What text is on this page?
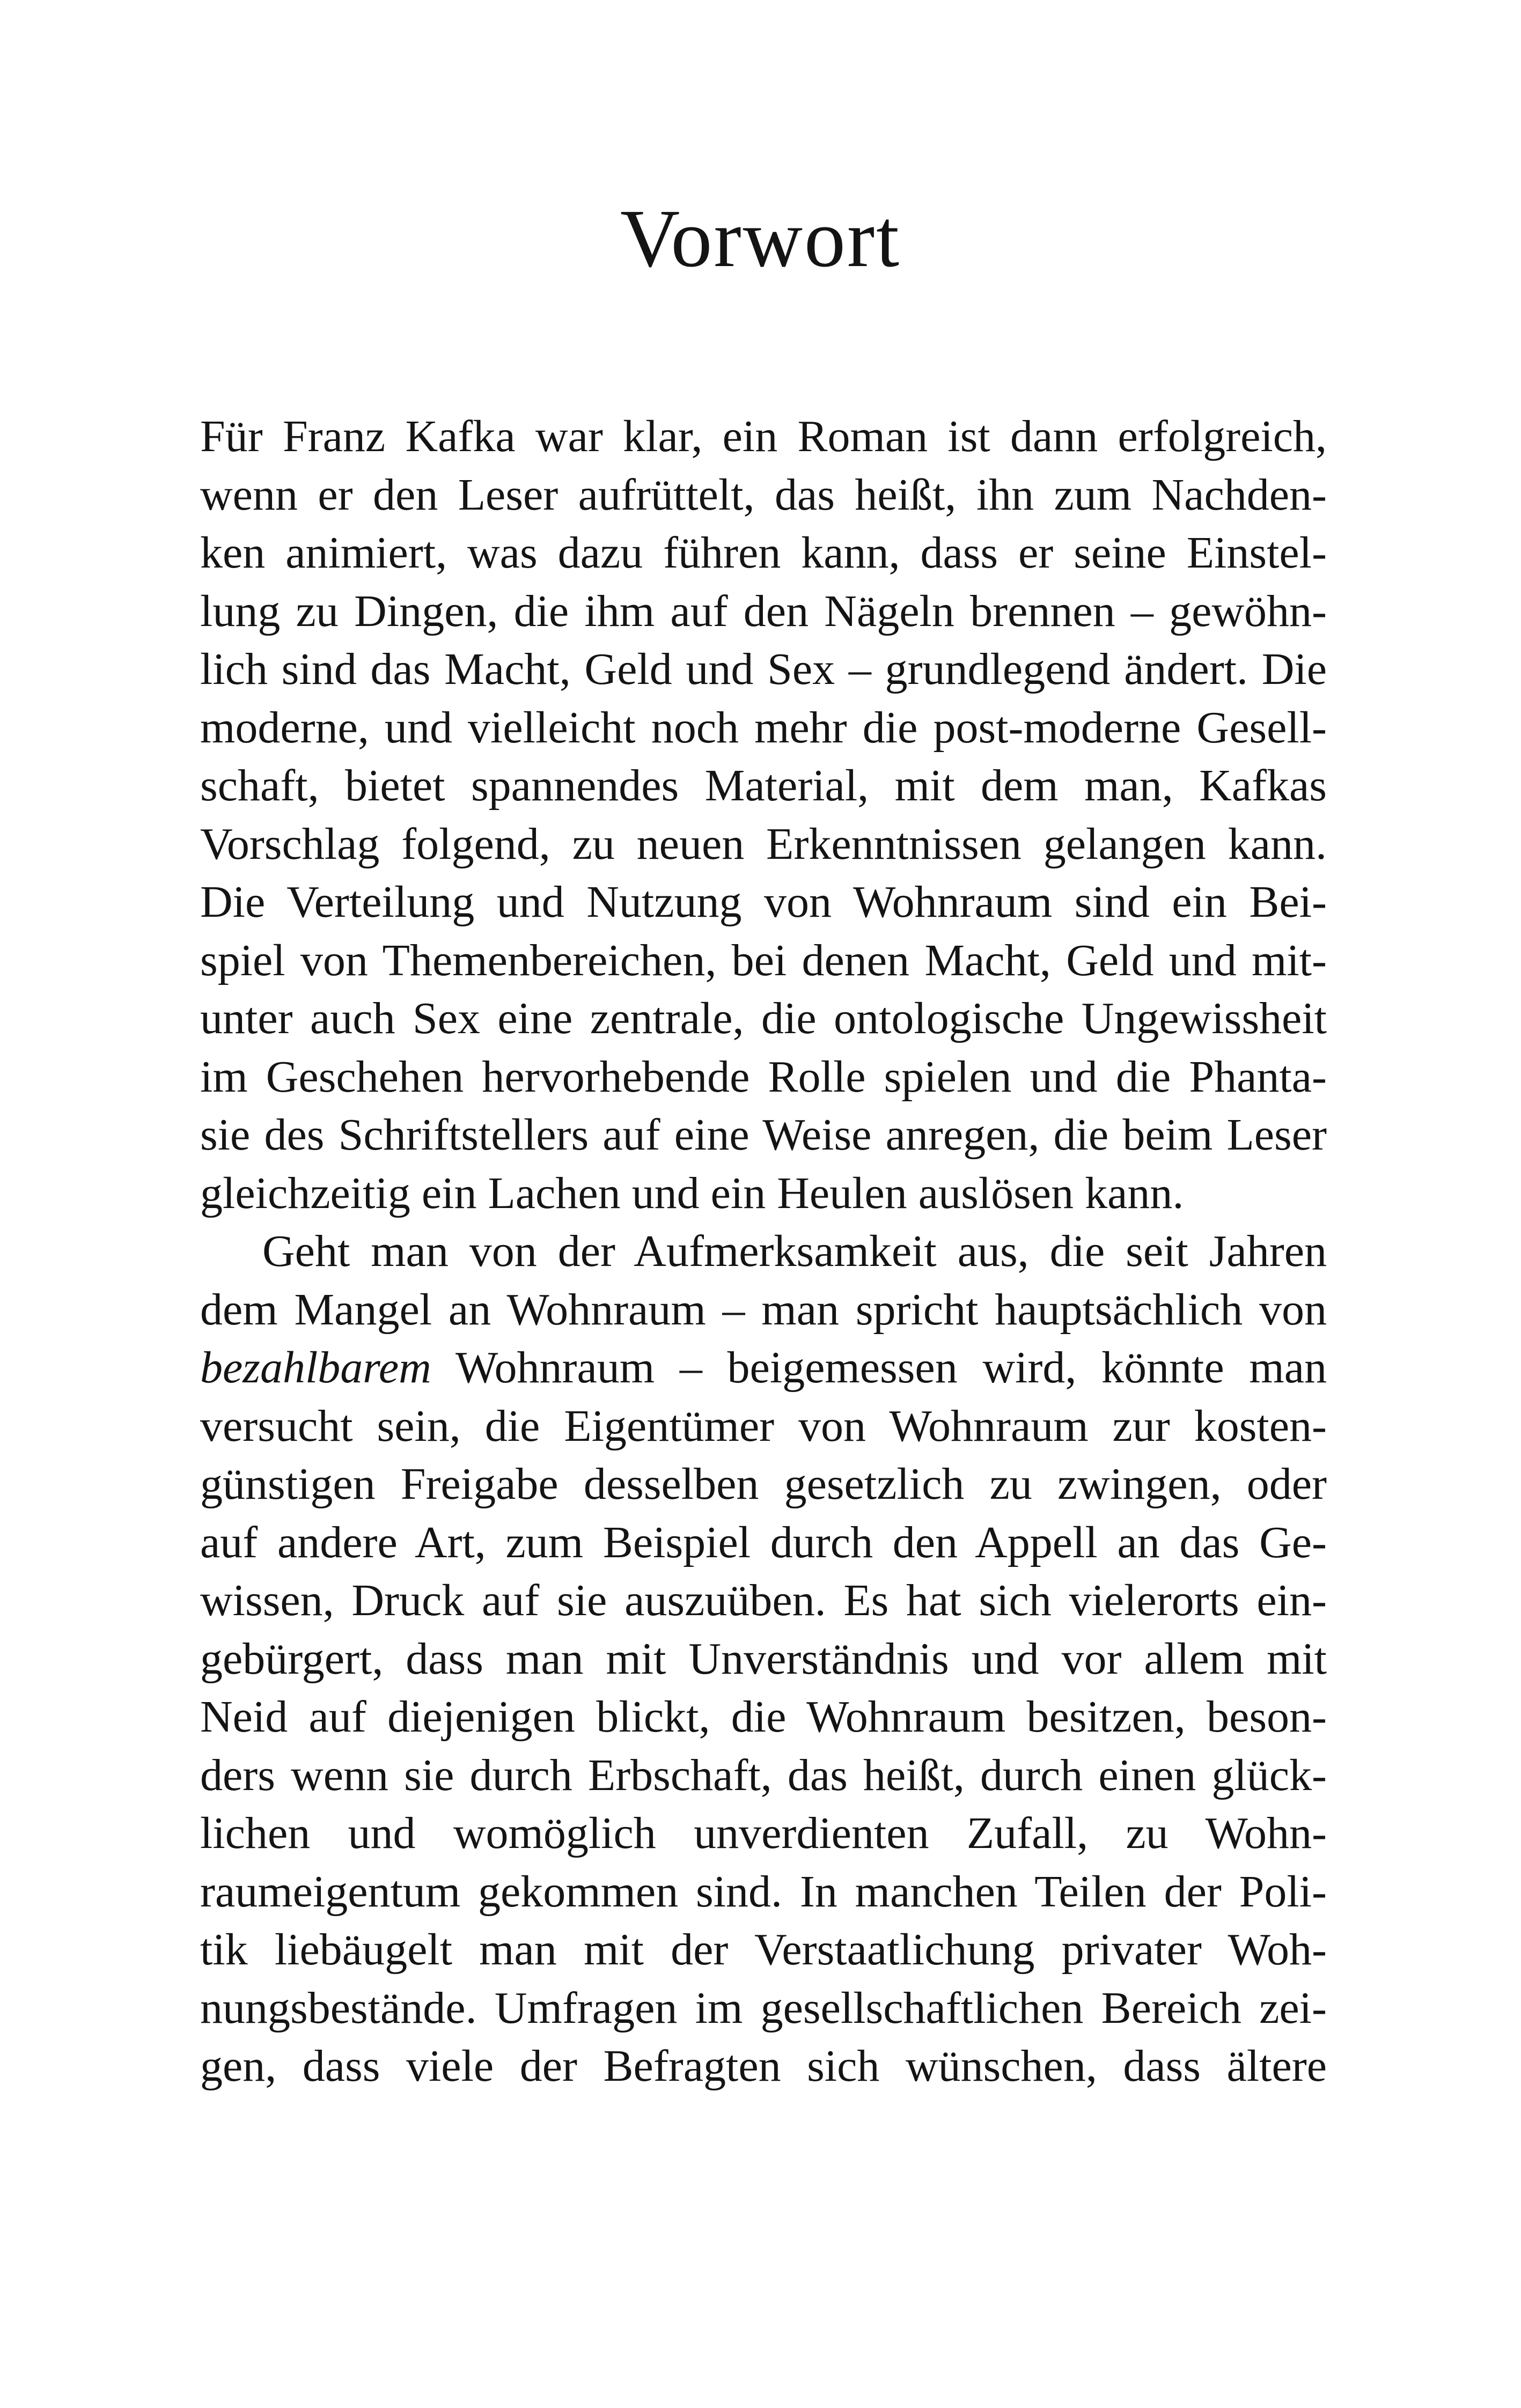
Vorwort
Für Franz Kafka war klar, ein Roman ist dann erfolgreich,
wenn er den Leser aufrüttelt, das heißt, ihn zum Nachden-
ken animiert, was dazu führen kann, dass er seine Einstel-
lung zu Dingen, die ihm auf den Nägeln brennen – gewöhn-
lich sind das Macht, Geld und Sex – grundlegend ändert. Die
moderne, und vielleicht noch mehr die post-moderne Gesell-
schaft, bietet spannendes Material, mit dem man, Kafkas
Vorschlag folgend, zu neuen Erkenntnissen gelangen kann.
Die Verteilung und Nutzung von Wohnraum sind ein Bei-
spiel von Themenbereichen, bei denen Macht, Geld und mit-
unter auch Sex eine zentrale, die ontologische Ungewissheit
im Geschehen hervorhebende Rolle spielen und die Phanta-
sie des Schriftstellers auf eine Weise anregen, die beim Leser
gleichzeitig ein Lachen und ein Heulen auslösen kann.
Geht man von der Aufmerksamkeit aus, die seit Jahren
dem Mangel an Wohnraum – man spricht hauptsächlich von
bezahlbarem Wohnraum – beigemessen wird, könnte man
versucht sein, die Eigentümer von Wohnraum zur kosten-
günstigen Freigabe desselben gesetzlich zu zwingen, oder
auf andere Art, zum Beispiel durch den Appell an das Ge-
wissen, Druck auf sie auszuüben. Es hat sich vielerorts ein-
gebürgert, dass man mit Unverständnis und vor allem mit
Neid auf diejenigen blickt, die Wohnraum besitzen, beson-
ders wenn sie durch Erbschaft, das heißt, durch einen glück-
lichen und womöglich unverdienten Zufall, zu Wohn-
raumeigentum gekommen sind. In manchen Teilen der Poli-
tik liebäugelt man mit der Verstaatlichung privater Woh-
nungsbestände. Umfragen im gesellschaftlichen Bereich zei-
gen, dass viele der Befragten sich wünschen, dass ältere
